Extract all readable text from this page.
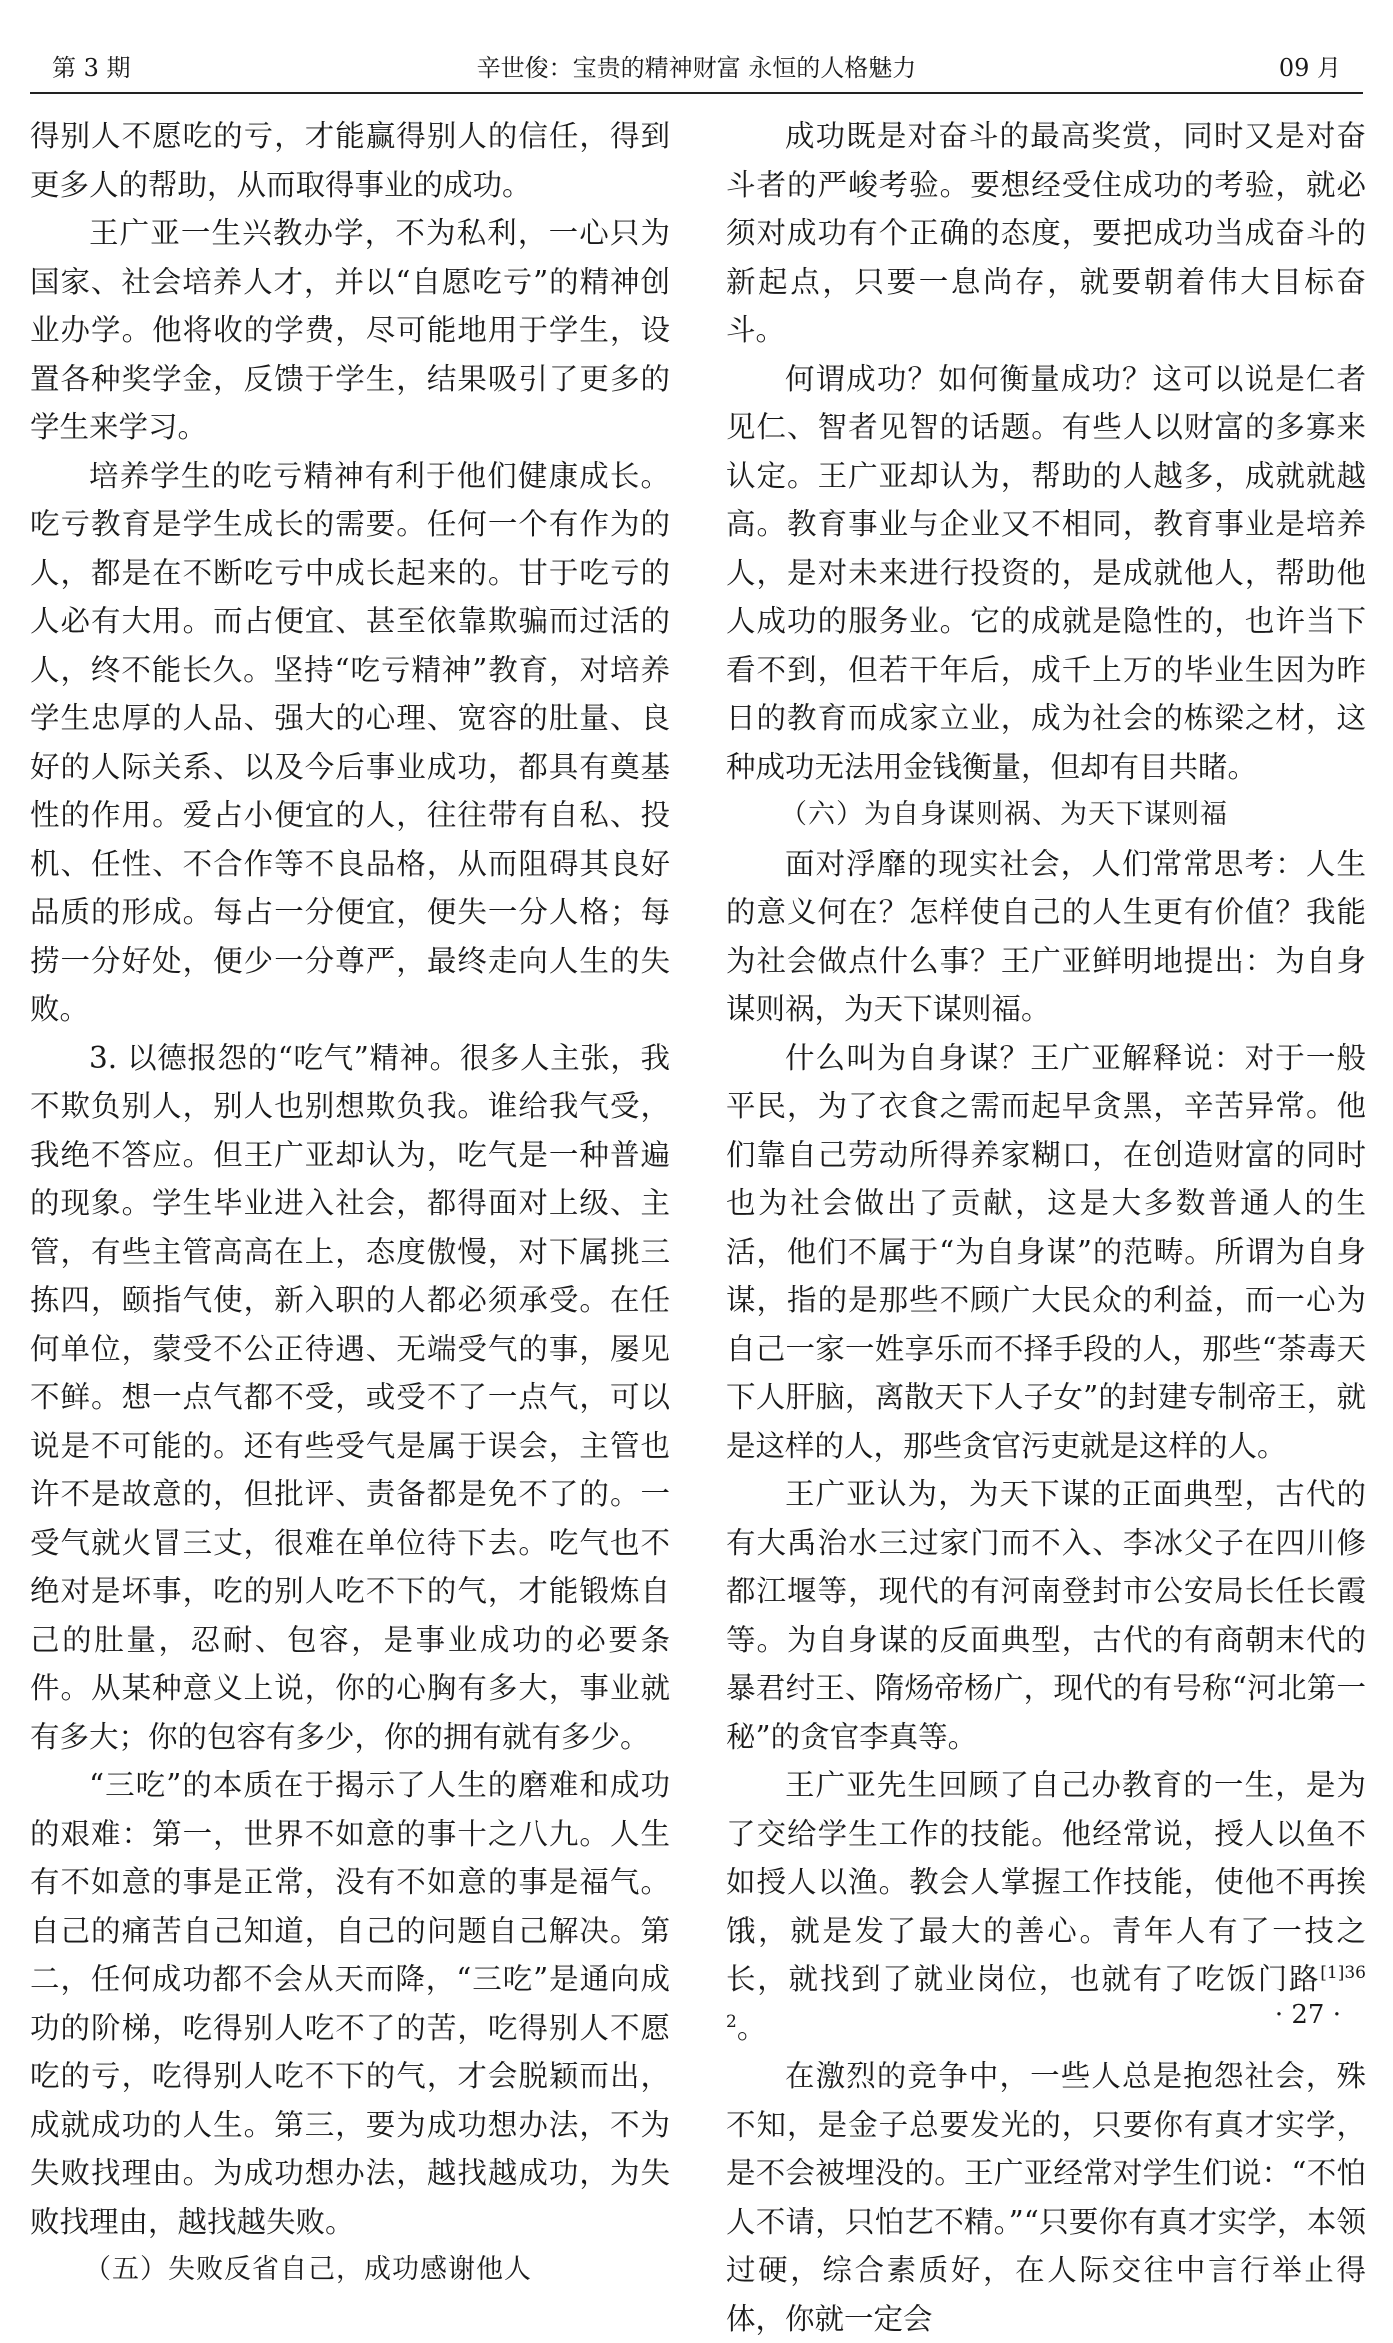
第 3 期	辛世俊：宝贵的精神财富 永恒的人格魅力	09 月

得别人不愿吃的亏，才能赢得别人的信任，得到更多人的帮助，从而取得事业的成功。

王广亚一生兴教办学，不为私利，一心只为国家、社会培养人才，并以“自愿吃亏”的精神创业办学。他将收的学费，尽可能地用于学生，设置各种奖学金，反馈于学生，结果吸引了更多的学生来学习。

培养学生的吃亏精神有利于他们健康成长。吃亏教育是学生成长的需要。任何一个有作为的人，都是在不断吃亏中成长起来的。甘于吃亏的人必有大用。而占便宜、甚至依靠欺骗而过活的人，终不能长久。坚持“吃亏精神”教育，对培养学生忠厚的人品、强大的心理、宽容的肚量、良好的人际关系、以及今后事业成功，都具有奠基性的作用。爱占小便宜的人，往往带有自私、投机、任性、不合作等不良品格，从而阻碍其良好品质的形成。每占一分便宜，便失一分人格；每捞一分好处，便少一分尊严，最终走向人生的失败。

3. 以德报怨的“吃气”精神。很多人主张，我不欺负别人，别人也别想欺负我。谁给我气受，我绝不答应。但王广亚却认为，吃气是一种普遍的现象。学生毕业进入社会，都得面对上级、主管，有些主管高高在上，态度傲慢，对下属挑三拣四，颐指气使，新入职的人都必须承受。在任何单位，蒙受不公正待遇、无端受气的事，屡见不鲜。想一点气都不受，或受不了一点气，可以说是不可能的。还有些受气是属于误会，主管也许不是故意的，但批评、责备都是免不了的。一受气就火冒三丈，很难在单位待下去。吃气也不绝对是坏事，吃的别人吃不下的气，才能锻炼自己的肚量，忍耐、包容，是事业成功的必要条件。从某种意义上说，你的心胸有多大，事业就有多大；你的包容有多少，你的拥有就有多少。

“三吃”的本质在于揭示了人生的磨难和成功的艰难：第一，世界不如意的事十之八九。人生有不如意的事是正常，没有不如意的事是福气。自己的痛苦自己知道，自己的问题自己解决。第二，任何成功都不会从天而降，“三吃”是通向成功的阶梯，吃得别人吃不了的苦，吃得别人不愿吃的亏，吃得别人吃不下的气，才会脱颖而出，成就成功的人生。第三，要为成功想办法，不为失败找理由。为成功想办法，越找越成功，为失败找理由，越找越失败。

（五）失败反省自己，成功感谢他人

成功既是对奋斗的最高奖赏，同时又是对奋斗者的严峻考验。要想经受住成功的考验，就必须对成功有个正确的态度，要把成功当成奋斗的新起点，只要一息尚存，就要朝着伟大目标奋斗。

何谓成功？如何衡量成功？这可以说是仁者见仁、智者见智的话题。有些人以财富的多寡来认定。王广亚却认为，帮助的人越多，成就就越高。教育事业与企业又不相同，教育事业是培养人，是对未来进行投资的，是成就他人，帮助他人成功的服务业。它的成就是隐性的，也许当下看不到，但若干年后，成千上万的毕业生因为昨日的教育而成家立业，成为社会的栋梁之材，这种成功无法用金钱衡量，但却有目共睹。

（六）为自身谋则祸、为天下谋则福

面对浮靡的现实社会，人们常常思考：人生的意义何在？怎样使自己的人生更有价值？我能为社会做点什么事？王广亚鲜明地提出：为自身谋则祸，为天下谋则福。

什么叫为自身谋？王广亚解释说：对于一般平民，为了衣食之需而起早贪黑，辛苦异常。他们靠自己劳动所得养家糊口，在创造财富的同时也为社会做出了贡献，这是大多数普通人的生活，他们不属于“为自身谋”的范畴。所谓为自身谋，指的是那些不顾广大民众的利益，而一心为自己一家一姓享乐而不择手段的人，那些“荼毒天下人肝脑，离散天下人子女”的封建专制帝王，就是这样的人，那些贪官污吏就是这样的人。

王广亚认为，为天下谋的正面典型，古代的有大禹治水三过家门而不入、李冰父子在四川修都江堰等，现代的有河南登封市公安局长任长霞等。为自身谋的反面典型，古代的有商朝末代的暴君纣王、隋炀帝杨广，现代的有号称“河北第一秘”的贪官李真等。

王广亚先生回顾了自己办教育的一生，是为了交给学生工作的技能。他经常说，授人以鱼不如授人以渔。教会人掌握工作技能，使他不再挨饿，就是发了最大的善心。青年人有了一技之长，就找到了就业岗位，也就有了吃饭门路$^{[1]362}$。

在激烈的竞争中，一些人总是抱怨社会，殊不知，是金子总要发光的，只要你有真才实学，是不会被埋没的。王广亚经常对学生们说：“不怕人不请，只怕艺不精。”“只要你有真才实学，本领过硬，综合素质好，在人际交往中言行举止得体，你就一定会

· 27 ·
